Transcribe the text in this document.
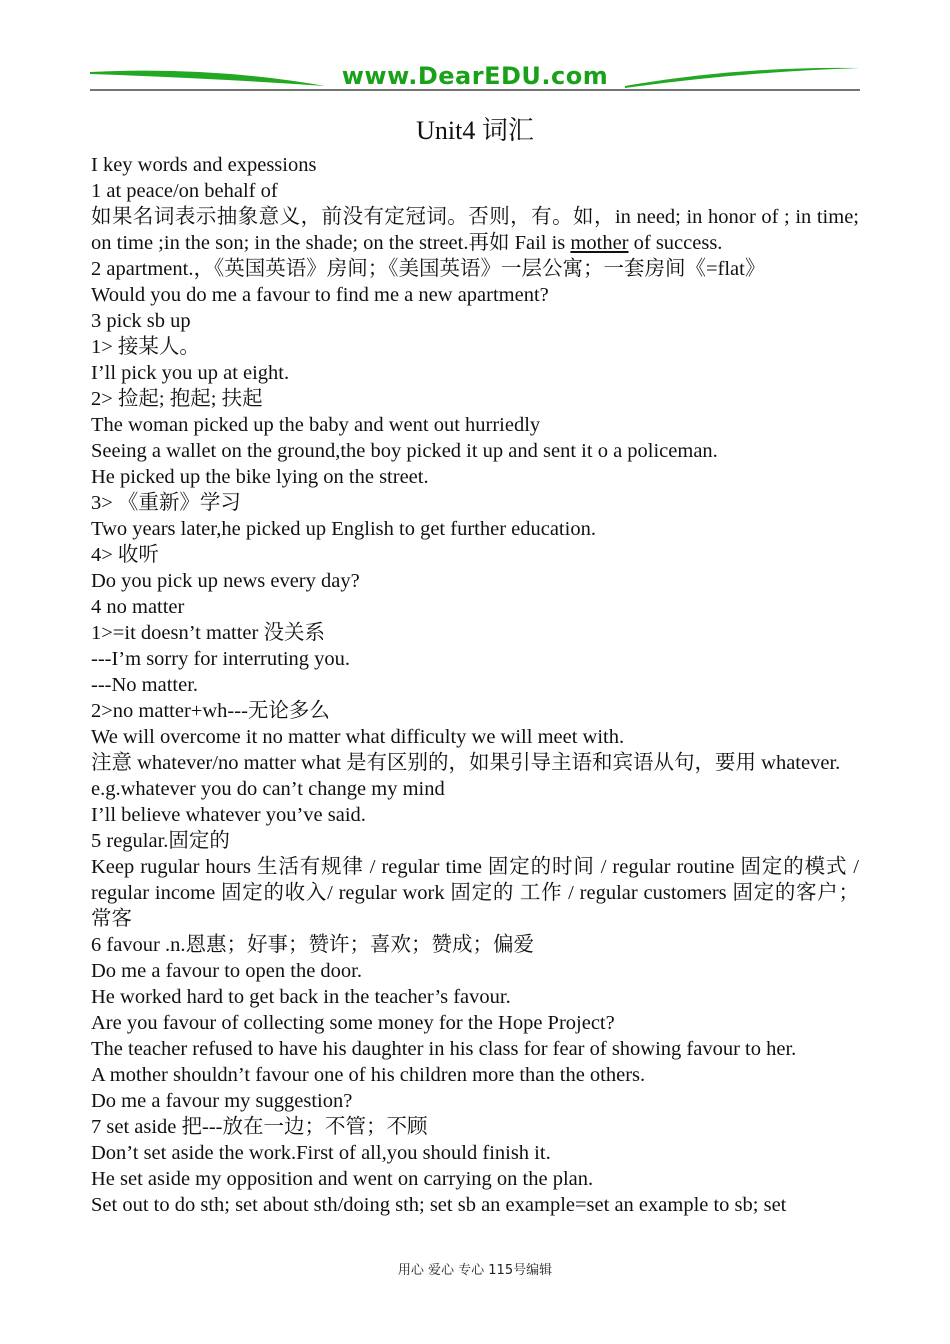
www.DearEDU.com
Unit4 词汇
I key words and expessions
1 at peace/on behalf of
如果名词表示抽象意义，前没有定冠词。否则，有。如，in need; in honor of ; in time; on time ;in the son; in the shade; on the street.再如 Fail is mother of success.
2 apartment.，《英国英语》房间；《美国英语》一层公寓；一套房间《=flat》
Would you do me a favour to find me a new apartment?
3 pick sb up
1> 接某人。
I’ll pick you up at eight.
2> 捡起; 抱起; 扶起
The woman picked up the baby and went out hurriedly
Seeing a wallet on the ground,the boy picked it up and sent it o a policeman.
He picked up the bike lying on the street.
3> 《重新》学习
Two years later,he picked up English to get further education.
4> 收听
Do you pick up news every day?
4 no matter
1>=it doesn’t matter 没关系
---I’m sorry for interruting you.
---No matter.
2>no matter+wh---无论多么
We will overcome it no matter what difficulty we will meet with.
注意 whatever/no matter what 是有区别的，如果引导主语和宾语从句，要用 whatever.
e.g.whatever you do can’t change my mind
I’ll believe whatever you’ve said.
5 regular.固定的
Keep rugular hours 生活有规律 / regular time 固定的时间 / regular routine 固定的模式 / regular income 固定的收入/ regular work 固定的 工作 / regular customers 固定的客户；常客
6 favour .n.恩惠；好事；赞许；喜欢；赞成；偏爱
Do me a favour to open the door.
He worked hard to get back in the teacher’s favour.
Are you favour of collecting some money for the Hope Project?
The teacher refused to have his daughter in his class for fear of showing favour to her.
A mother shouldn’t favour one of his children more than the others.
Do me a favour my suggestion?
7 set aside 把---放在一边；不管；不顾
Don’t set aside the work.First of all,you should finish it.
He set aside my opposition and went on carrying on the plan.
Set out to do sth; set about sth/doing sth; set sb an example=set an example to sb; set
用心 爱心 专心 115号编辑
